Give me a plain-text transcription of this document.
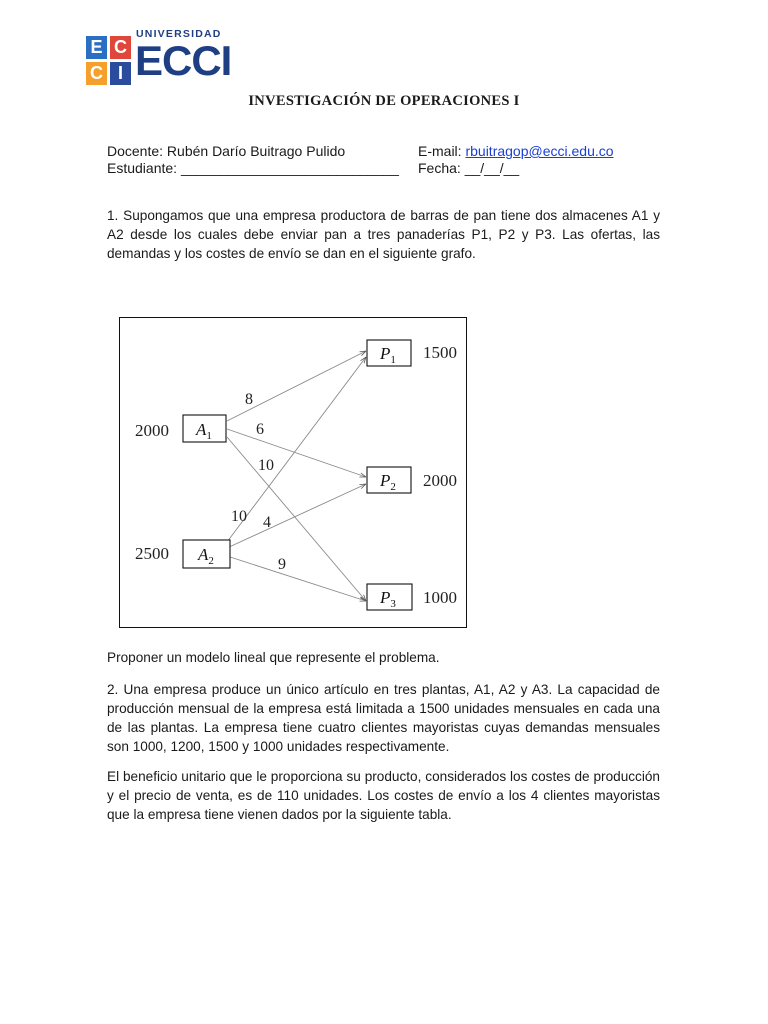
E C
C I
UNIVERSIDAD
ECCI
INVESTIGACIÓN DE OPERACIONES I
Docente: Rubén Darío Buitrago Pulido	E-mail: rbuitragop@ecci.edu.co
Estudiante: ____________________________ Fecha: __/__/__
1. Supongamos que una empresa productora de barras de pan tiene dos almacenes A1 y A2 desde los cuales debe enviar pan a tres panaderías P1, P2 y P3. Las ofertas, las demandas y los costes de envío se dan en el siguiente grafo.
8
6
10
10 4
9
$A_1$
$A_2$
$P_1$
$P_2$
$P_3$
2000
2500
1500
2000
1000
Proponer un modelo lineal que represente el problema.
2. Una empresa produce un único artículo en tres plantas, A1, A2 y A3. La capacidad de producción mensual de la empresa está limitada a 1500 unidades mensuales en cada una de las plantas. La empresa tiene cuatro clientes mayoristas cuyas demandas mensuales son 1000, 1200, 1500 y 1000 unidades respectivamente.
El beneficio unitario que le proporciona su producto, considerados los costes de producción y el precio de venta, es de 110 unidades. Los costes de envío a los 4 clientes mayoristas que la empresa tiene vienen dados por la siguiente tabla.
